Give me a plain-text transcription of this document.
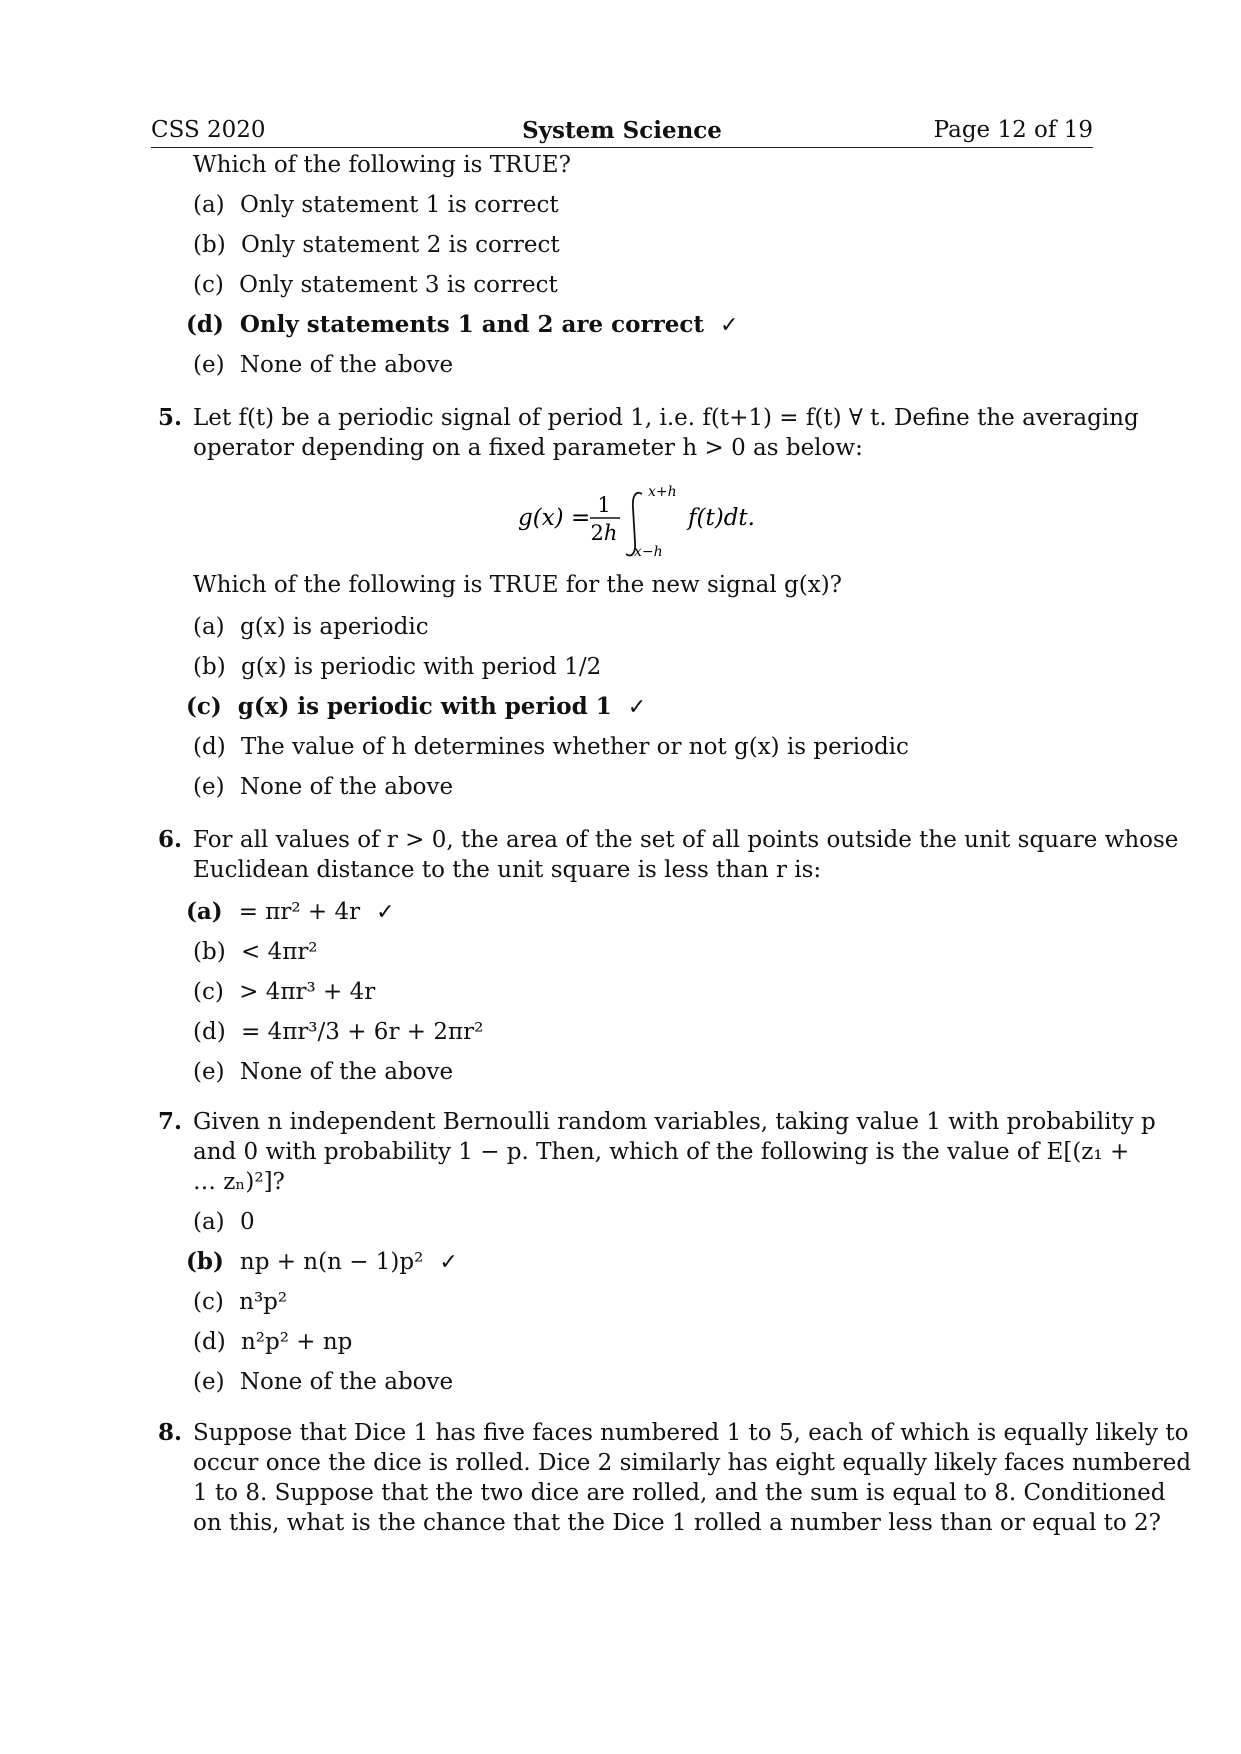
CSS 2020	System Science	Page 12 of 19
Which of the following is TRUE?
(a) Only statement 1 is correct
(b) Only statement 2 is correct
(c) Only statement 3 is correct
(d) Only statements 1 and 2 are correct ✓
(e) None of the above
5. Let f(t) be a periodic signal of period 1, i.e. f(t+1) = f(t) ∀ t. Define the averaging
operator depending on a fixed parameter h > 0 as below:
g(x) = 1
2h
x+h
x−h
f(t)dt.
Which of the following is TRUE for the new signal g(x)?
(a) g(x) is aperiodic
(b) g(x) is periodic with period 1/2
(c) g(x) is periodic with period 1 ✓
(d) The value of h determines whether or not g(x) is periodic
(e) None of the above
6. For all values of r > 0, the area of the set of all points outside the unit square whose
Euclidean distance to the unit square is less than r is:
(a) = πr² + 4r ✓
(b) < 4πr²
(c) > 4πr³ + 4r
(d) = 4πr³/3 + 6r + 2πr²
(e) None of the above
7. Given n independent Bernoulli random variables, taking value 1 with probability p
and 0 with probability 1 − p. Then, which of the following is the value of E[(z₁ +
… zₙ)²]?
(a) 0
(b) np + n(n − 1)p² ✓
(c) n³p²
(d) n²p² + np
(e) None of the above
8. Suppose that Dice 1 has five faces numbered 1 to 5, each of which is equally likely to
occur once the dice is rolled. Dice 2 similarly has eight equally likely faces numbered
1 to 8. Suppose that the two dice are rolled, and the sum is equal to 8. Conditioned
on this, what is the chance that the Dice 1 rolled a number less than or equal to 2?
